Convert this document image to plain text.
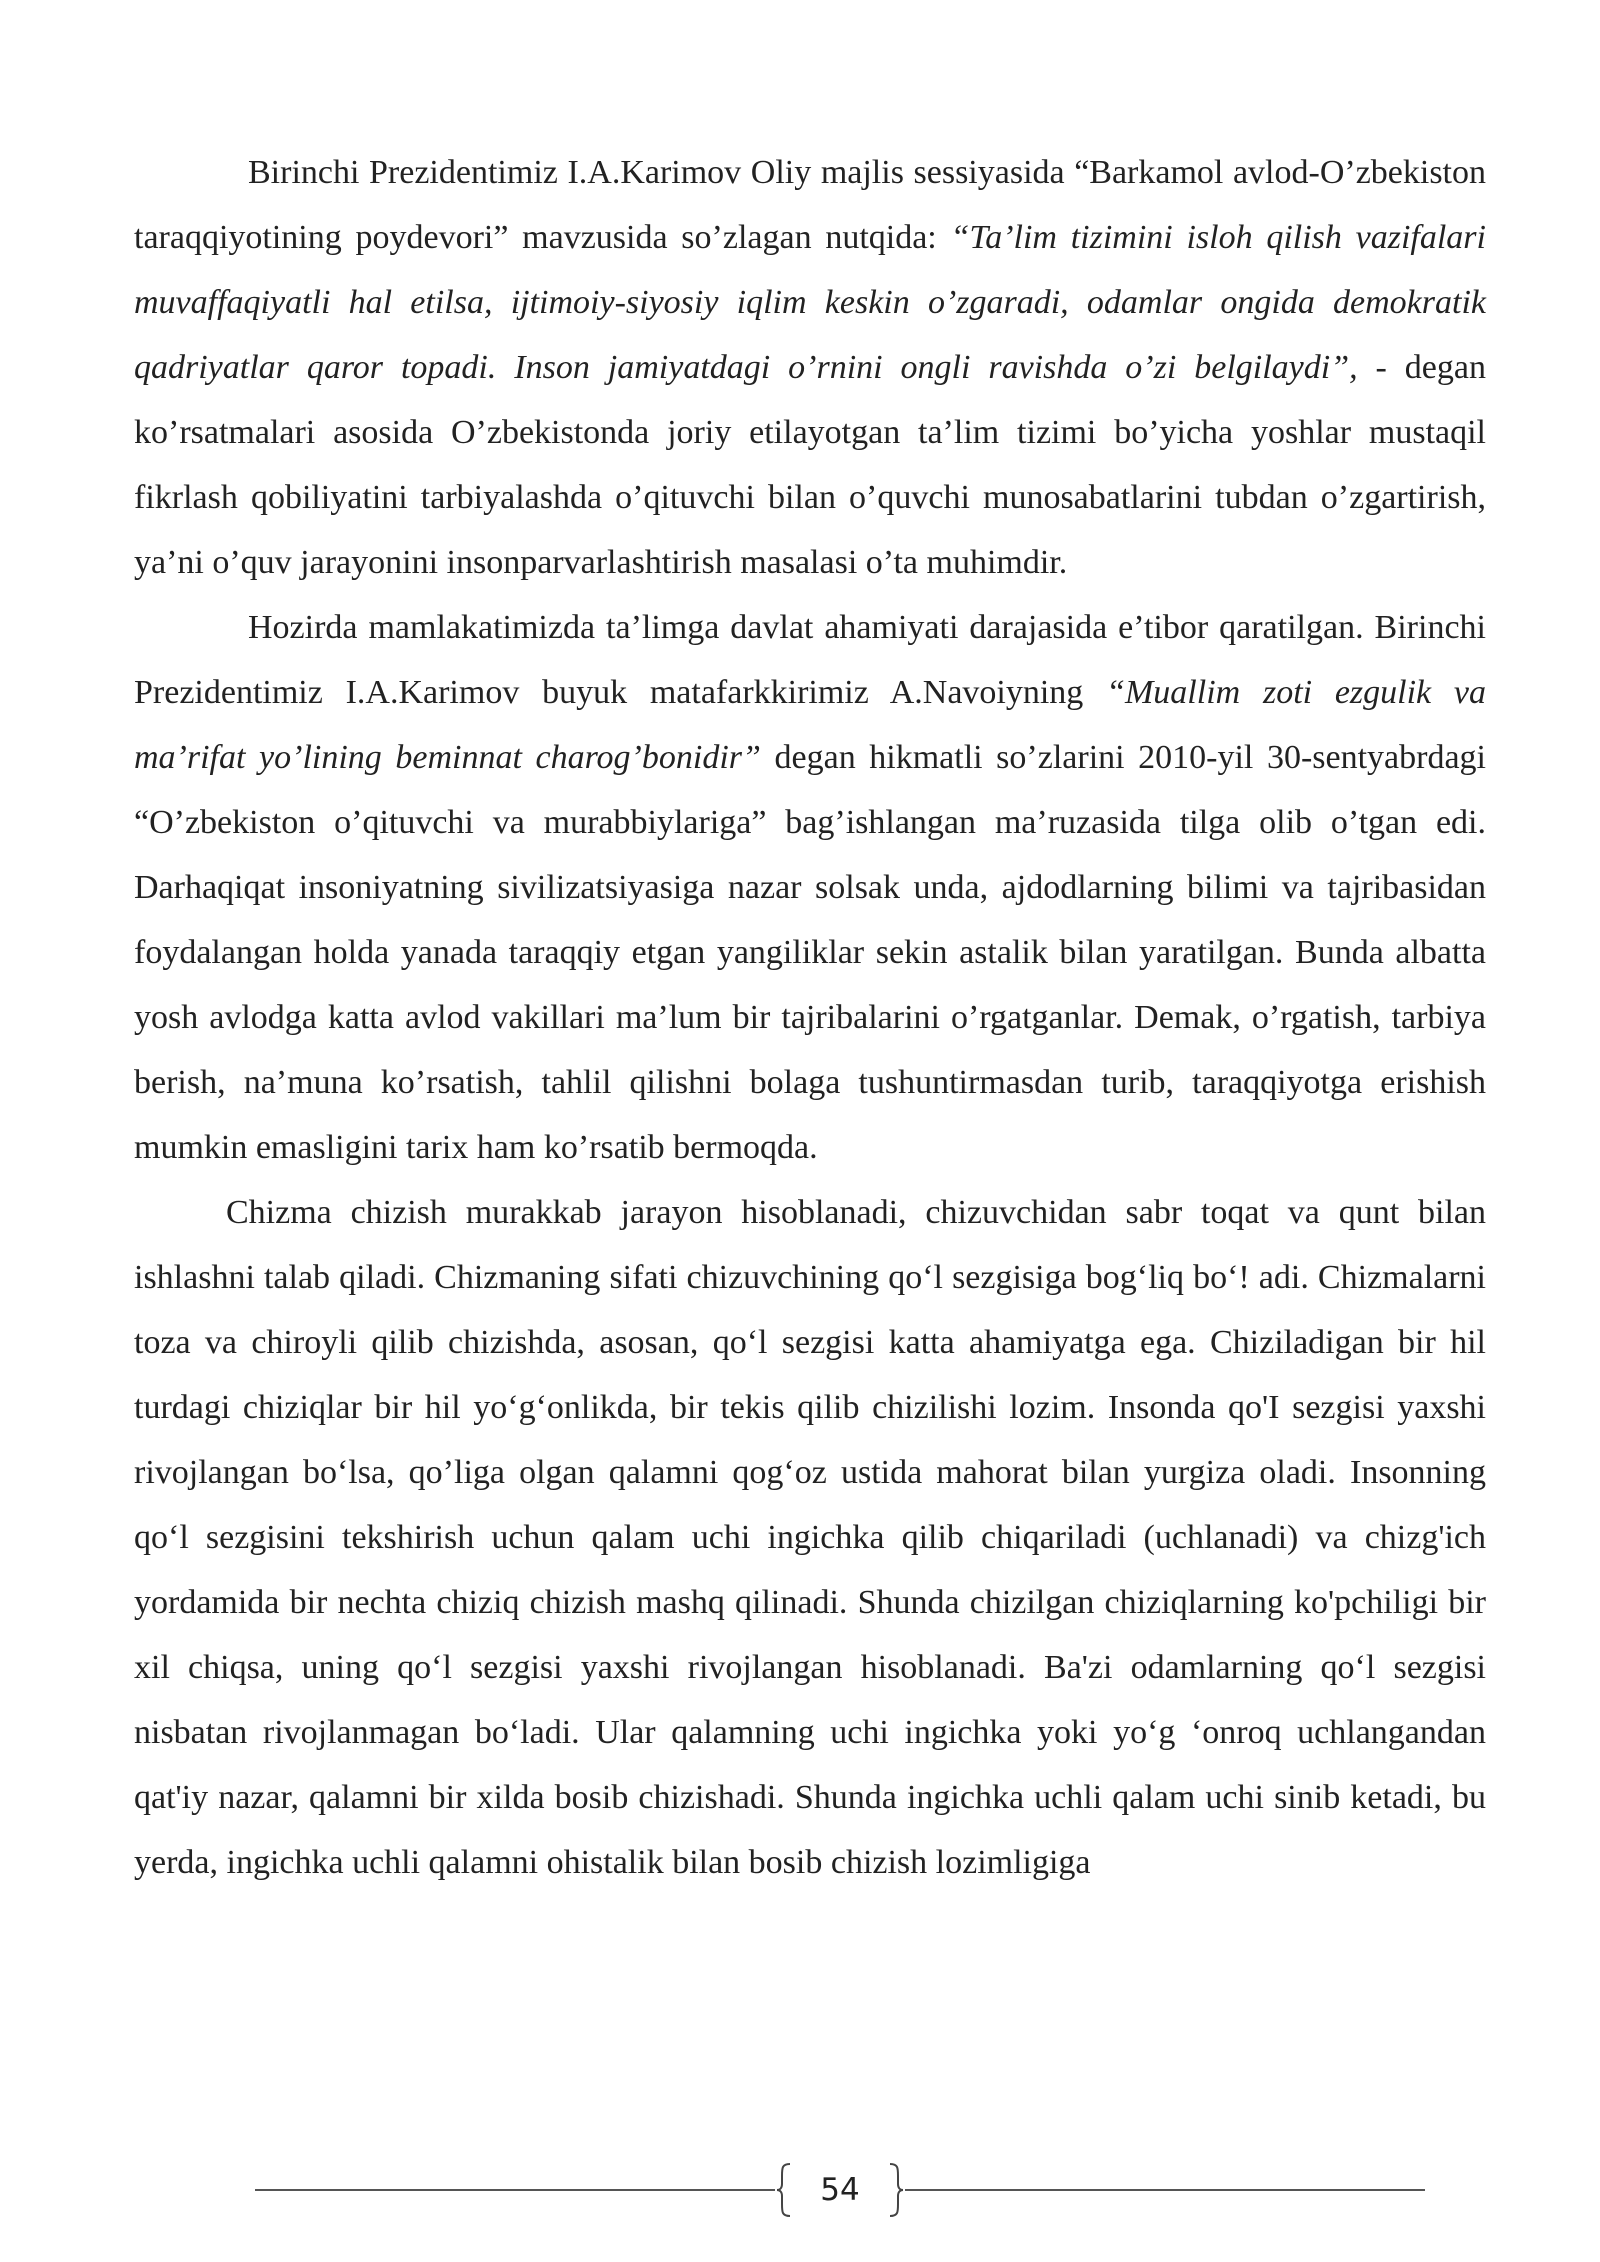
Birinchi Prezidentimiz I.A.Karimov Oliy majlis sessiyasida “Barkamol avlod-O’zbekiston taraqqiyotining poydevori” mavzusida so’zlagan nutqida: “Ta’lim tizimini isloh qilish vazifalari muvaffaqiyatli hal etilsa, ijtimoiy-siyosiy iqlim keskin o’zgaradi, odamlar ongida demokratik qadriyatlar qaror topadi. Inson jamiyatdagi o’rnini ongli ravishda o’zi belgilaydi”, - degan ko’rsatmalari asosida O’zbekistonda joriy etilayotgan ta’lim tizimi bo’yicha yoshlar mustaqil fikrlash qobiliyatini tarbiyalashda o’qituvchi bilan o’quvchi munosabatlarini tubdan o’zgartirish, ya’ni o’quv jarayonini insonparvarlashtirish masalasi o’ta muhimdir.

Hozirda mamlakatimizda ta’limga davlat ahamiyati darajasida e’tibor qaratilgan. Birinchi Prezidentimiz I.A.Karimov buyuk matafarkkirimiz A.Navoiyning “Muallim zoti ezgulik va ma’rifat yo’lining beminnat charog’bonidir” degan hikmatli so’zlarini 2010-yil 30-sentyabrdagi “O’zbekiston o’qituvchi va murabbiylariga” bag’ishlangan ma’ruzasida tilga olib o’tgan edi. Darhaqiqat insoniyatning sivilizatsiyasiga nazar solsak unda, ajdodlarning bilimi va tajribasidan foydalangan holda yanada taraqqiy etgan yangiliklar sekin astalik bilan yaratilgan. Bunda albatta yosh avlodga katta avlod vakillari ma’lum bir tajribalarini o’rgatganlar. Demak, o’rgatish, tarbiya berish, na’muna ko’rsatish, tahlil qilishni bolaga tushuntirmasdan turib, taraqqiyotga erishish mumkin emasligini tarix ham ko’rsatib bermoqda.

Chizma chizish murakkab jarayon hisoblanadi, chizuvchidan sabr toqat va qunt bilan ishlashni talab qiladi. Chizmaning sifati chizuvchining qo‘l sezgisiga bog‘liq bo‘! adi. Chizmalarni toza va chiroyli qilib chizishda, asosan, qo‘l sezgisi katta ahamiyatga ega. Chiziladigan bir hil turdagi chiziqlar bir hil yo‘g‘onlikda, bir tekis qilib chizilishi lozim. Insonda qo'I sezgisi yaxshi rivojlangan bo‘lsa, qo’liga olgan qalamni qog‘oz ustida mahorat bilan yurgiza oladi. Insonning qo‘l sezgisini tekshirish uchun qalam uchi ingichka qilib chiqariladi (uchlanadi) va chizg'ich yordamida bir nechta chiziq chizish mashq qilinadi. Shunda chizilgan chiziqlarning ko'pchiligi bir xil chiqsa, uning qo‘l sezgisi yaxshi rivojlangan hisoblanadi. Ba'zi odamlarning qo‘l sezgisi nisbatan rivojlanmagan bo‘ladi. Ular qalamning uchi ingichka yoki yo‘g ‘onroq uchlangandan qat'iy nazar, qalamni bir xilda bosib chizishadi. Shunda ingichka uchli qalam uchi sinib ketadi, bu yerda, ingichka uchli qalamni ohistalik bilan bosib chizish lozimligiga

54
